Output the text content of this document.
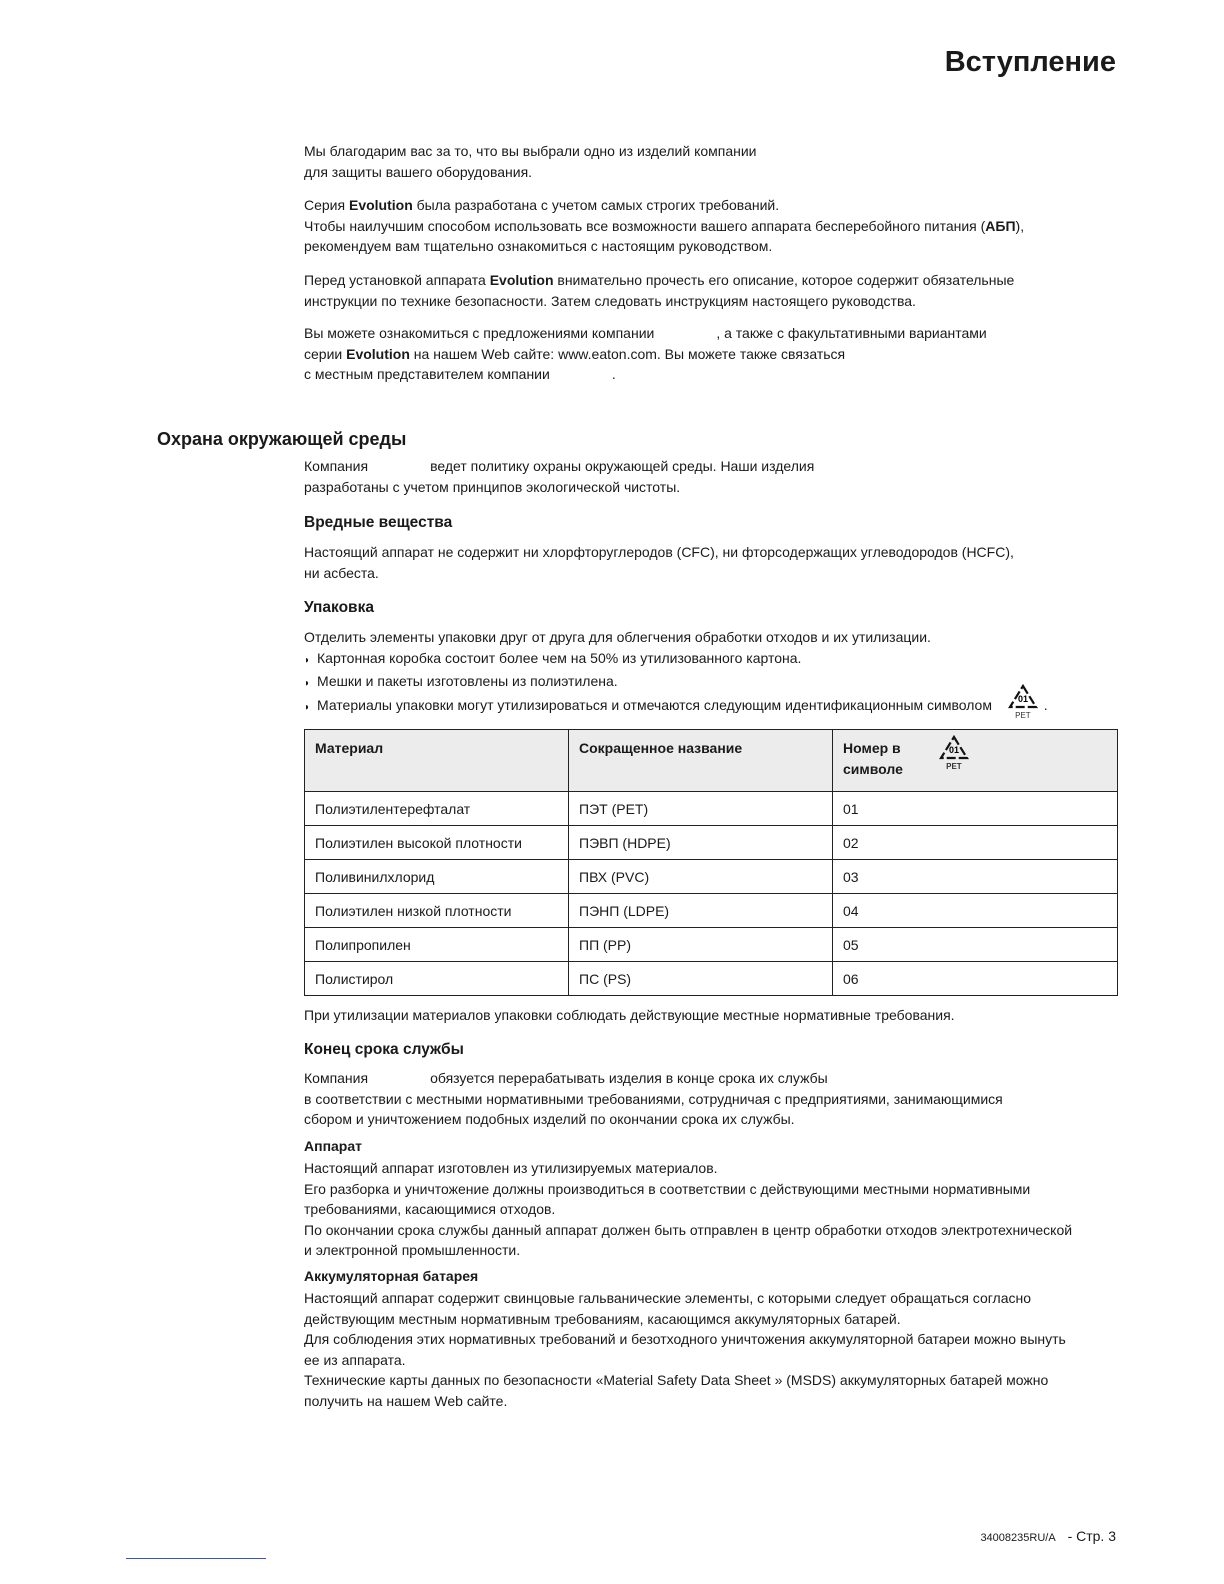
Вступление
Мы благодарим вас за то, что вы выбрали одно из изделий компании
для защиты вашего оборудования.
Серия Evolution была разработана с учетом самых строгих требований.
Чтобы наилучшим способом использовать все возможности вашего аппарата бесперебойного питания (АБП),
рекомендуем вам тщательно ознакомиться с настоящим руководством.
Перед установкой аппарата Evolution внимательно прочесть его описание, которое содержит обязательные
инструкции по технике безопасности. Затем следовать инструкциям настоящего руководства.
Вы можете ознакомиться с предложениями компании	, а также с факультативными вариантами
серии Evolution на нашем Web сайте: www.eaton.com. Вы можете также связаться
с местным представителем компании	.
Охрана окружающей среды
Компания	ведет политику охраны окружающей среды. Наши изделия
разработаны с учетом принципов экологической чистоты.
Вредные вещества
Настоящий аппарат не содержит ни хлорфторуглеродов (CFC), ни фторсодержащих углеводородов (HCFC),
ни асбеста.
Упаковка
Отделить элементы упаковки друг от друга для облегчения обработки отходов и их утилизации.
◗ Картонная коробка состоит более чем на 50% из утилизованного картона.
◗ Мешки и пакеты изготовлены из полиэтилена.
◗ Материалы упаковки могут утилизироваться и отмечаются следующим идентификационным символом 01
PET
.
Материал	Сокращенное название	Номер в символе
01
PET

Полиэтилентерефталат	ПЭТ (PET)	01
Полиэтилен высокой плотности	ПЭВП (HDPE)	02
Поливинилхлорид	ПВХ (PVC)	03
Полиэтилен низкой плотности	ПЭНП (LDPE)	04
Полипропилен	ПП (PP)	05
Полистирол	ПС (PS)	06
При утилизации материалов упаковки соблюдать действующие местные нормативные требования.
Конец срока службы
Компания	обязуется перерабатывать изделия в конце срока их службы
в соответствии с местными нормативными требованиями, сотрудничая с предприятиями, занимающимися
сбором и уничтожением подобных изделий по окончании срока их службы.
Аппарат
Настоящий аппарат изготовлен из утилизируемых материалов.
Его разборка и уничтожение должны производиться в соответствии с действующими местными нормативными
требованиями, касающимися отходов.
По окончании срока службы данный аппарат должен быть отправлен в центр обработки отходов электротехнической
и электронной промышленности.
Аккумуляторная батарея
Настоящий аппарат содержит свинцовые гальванические элементы, с которыми следует обращаться согласно
действующим местным нормативным требованиям, касающимся аккумуляторных батарей.
Для соблюдения этих нормативных требований и безотходного уничтожения аккумуляторной батареи можно вынуть
ее из аппарата.
Технические карты данных по безопасности «Material Safety Data Sheet » (MSDS) аккумуляторных батарей можно
получить на нашем Web сайте.
34008235RU/A - Стр. 3
